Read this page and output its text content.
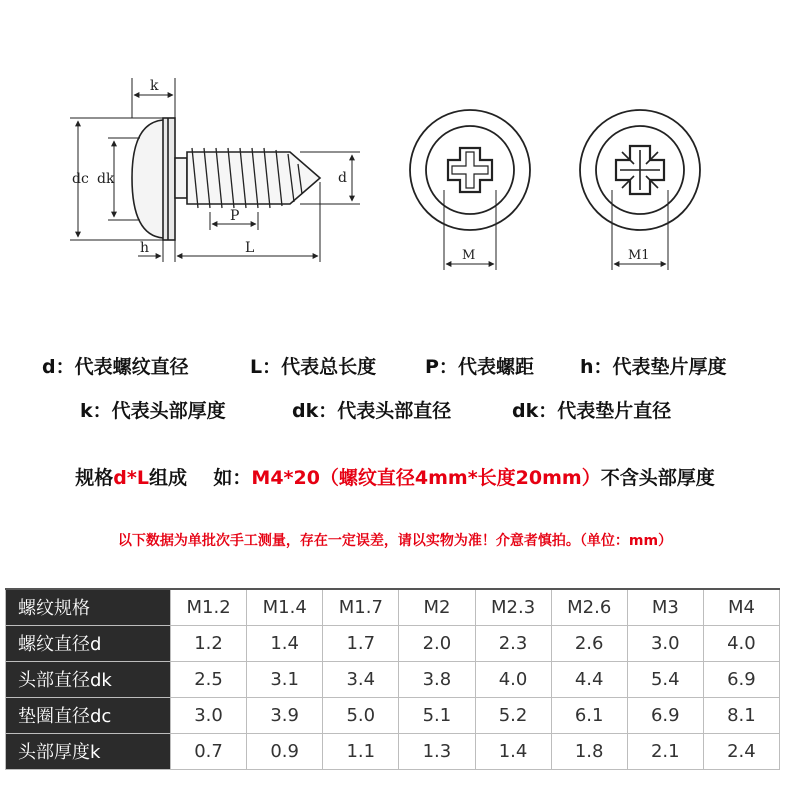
k
dc dk	d
P
h	L	M	M1
d：代表螺纹直径	L：代表总长度	P：代表螺距 h：代表垫片厚度
k：代表头部厚度	dk：代表头部直径	dk：代表垫片直径
规格d*L组成    如：M4*20（螺纹直径4mm*长度20mm）不含头部厚度
以下数据为单批次手工测量，存在一定误差，请以实物为准！介意者慎拍。（单位：mm）
螺纹规格	M1.2	M1.4	M1.7	M2	M2.3	M2.6	M3	M4
螺纹直径d	1.2	1.4	1.7	2.0	2.3	2.6	3.0	4.0
头部直径dk	2.5	3.1	3.4	3.8	4.0	4.4	5.4	6.9
垫圈直径dc	3.0	3.9	5.0	5.1	5.2	6.1	6.9	8.1
头部厚度k	0.7	0.9	1.1	1.3	1.4	1.8	2.1	2.4
